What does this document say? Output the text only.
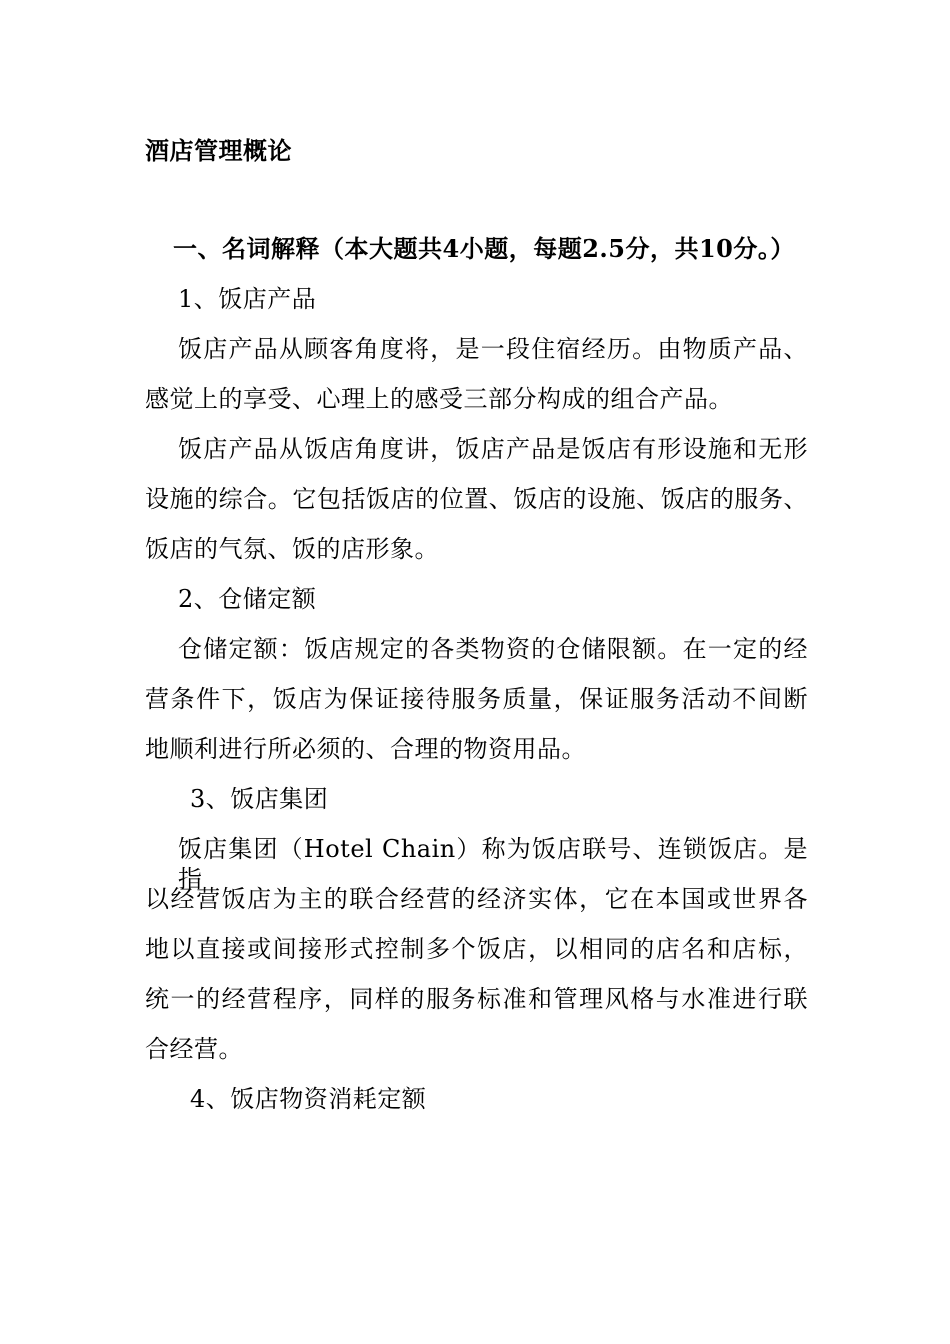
酒店管理概论
一、名词解释（本大题共4小题，每题2.5分，共10分。）
1、饭店产品
饭店产品从顾客角度将，是一段住宿经历。由物质产品、
感觉上的享受、心理上的感受三部分构成的组合产品。
饭店产品从饭店角度讲，饭店产品是饭店有形设施和无形
设施的综合。它包括饭店的位置、饭店的设施、饭店的服务、
饭店的气氛、饭的店形象。
2、仓储定额
仓储定额：饭店规定的各类物资的仓储限额。在一定的经
营条件下，饭店为保证接待服务质量，保证服务活动不间断
地顺利进行所必须的、合理的物资用品。
3、饭店集团
饭店集团（Hotel Chain）称为饭店联号、连锁饭店。是指
以经营饭店为主的联合经营的经济实体，它在本国或世界各
地以直接或间接形式控制多个饭店，以相同的店名和店标，
统一的经营程序，同样的服务标准和管理风格与水准进行联
合经营。
4、饭店物资消耗定额
